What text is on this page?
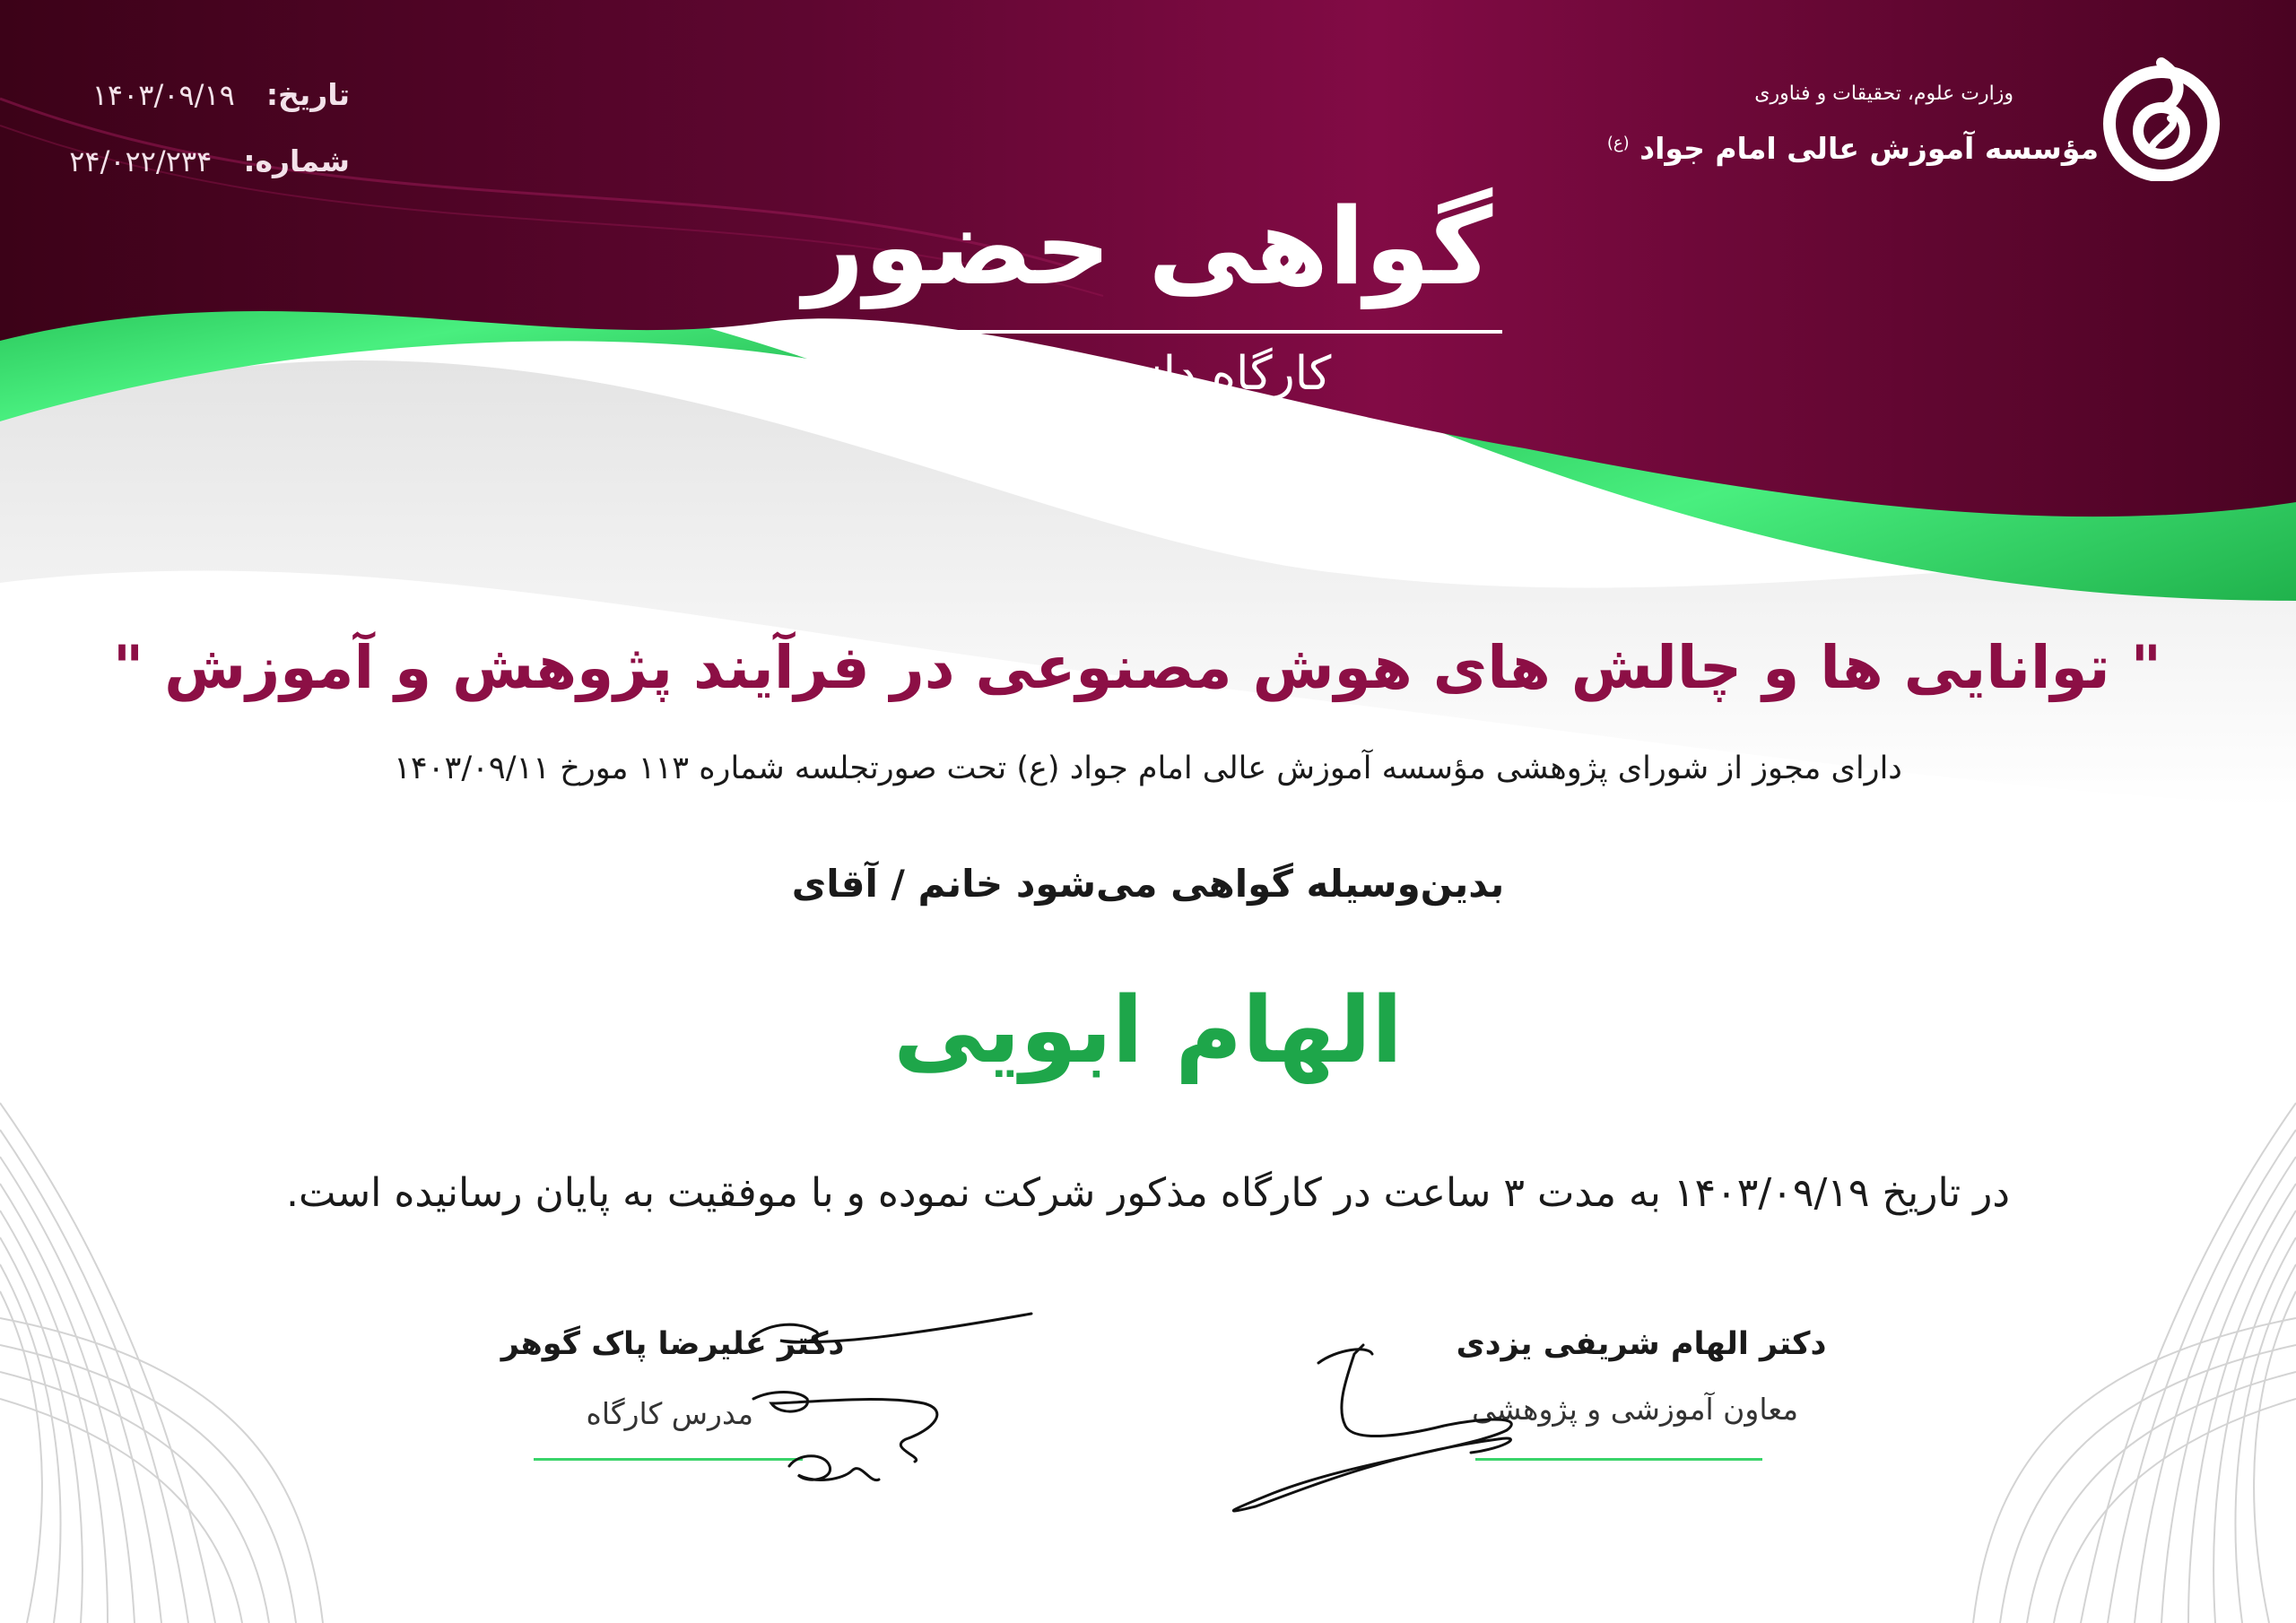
تاریخ: ۱۴۰۳/۰۹/۱۹
شماره: ۲۴/۰۲۲/۲۳۴
وزارت علوم، تحقیقات و فناوری
مؤسسه آموزش عالی امام جواد $^{(ع)}$
گواهی حضور
کارگاه دانش‌افزایی
" توانایی ها و چالش های هوش مصنوعی در فرآیند پژوهش و آموزش "
دارای مجوز از شورای پژوهشی مؤسسه آموزش عالی امام جواد (ع) تحت صورتجلسه شماره ۱۱۳ مورخ ۱۴۰۳/۰۹/۱۱
بدین‌وسیله گواهی می‌شود خانم / آقای
الهام ابویی
در تاریخ ۱۴۰۳/۰۹/۱۹ به مدت ۳ ساعت در کارگاه مذکور شرکت نموده و با موفقیت به پایان رسانیده است.
دکتر الهام شریفی یزدی
معاون آموزشی و پژوهشی
دکتر علیرضا پاک گوهر
مدرس کارگاه
